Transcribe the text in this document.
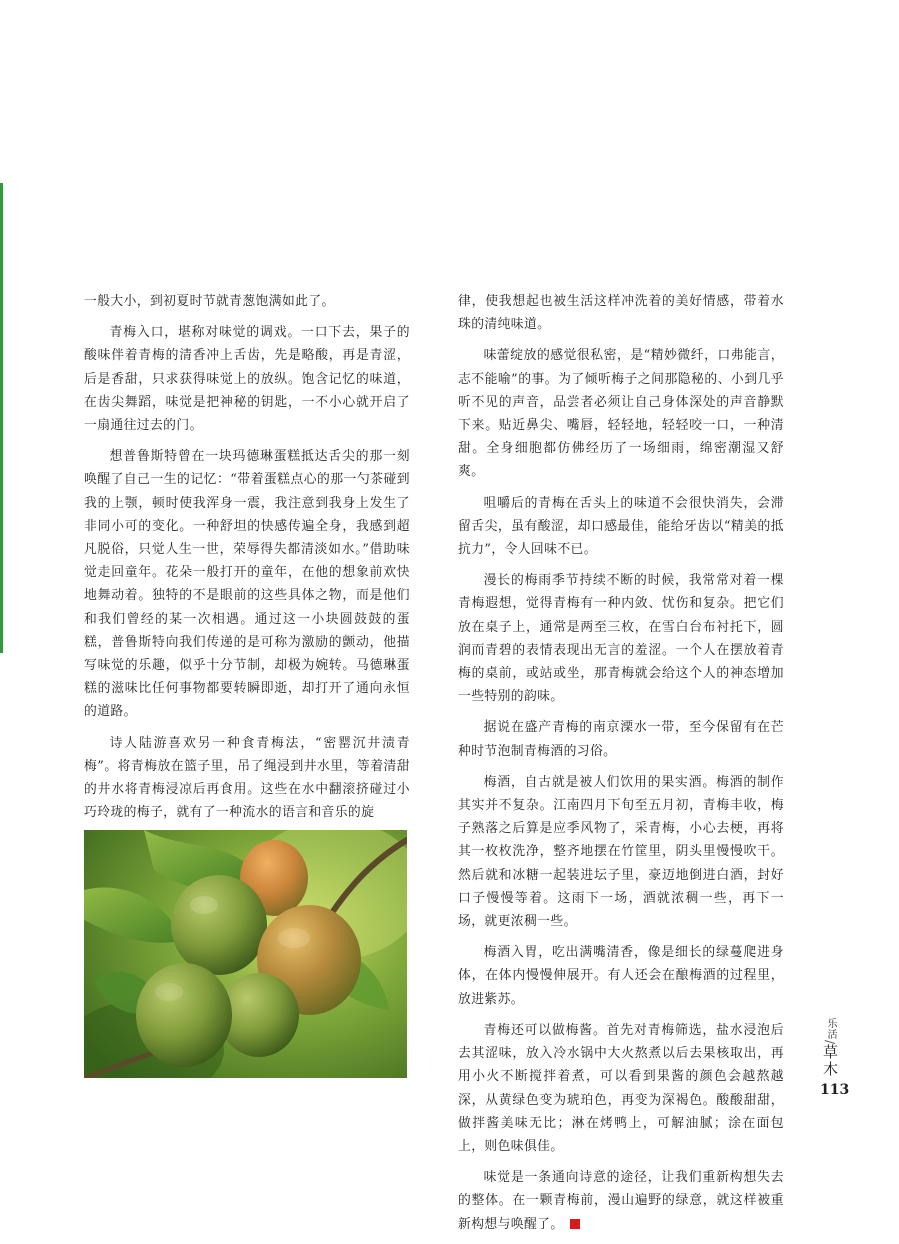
一般大小，到初夏时节就青葱饱满如此了。

青梅入口，堪称对味觉的调戏。一口下去，果子的酸味伴着青梅的清香冲上舌齿，先是略酸，再是青涩，后是香甜，只求获得味觉上的放纵。饱含记忆的味道，在齿尖舞蹈，味觉是把神秘的钥匙，一不小心就开启了一扇通往过去的门。

想普鲁斯特曾在一块玛德琳蛋糕抵达舌尖的那一刻唤醒了自己一生的记忆：“带着蛋糕点心的那一勺茶碰到我的上颚，顿时使我浑身一震，我注意到我身上发生了非同小可的变化。一种舒坦的快感传遍全身，我感到超凡脱俗，只觉人生一世，荣辱得失都清淡如水。”借助味觉走回童年。花朵一般打开的童年，在他的想象前欢快地舞动着。独特的不是眼前的这些具体之物，而是他们和我们曾经的某一次相遇。通过这一小块圆鼓鼓的蛋糕，普鲁斯特向我们传递的是可称为激励的颤动，他描写味觉的乐趣，似乎十分节制，却极为婉转。马德琳蛋糕的滋味比任何事物都要转瞬即逝，却打开了通向永恒的道路。

诗人陆游喜欢另一种食青梅法，“密罂沉井渍青梅”。将青梅放在篮子里，吊了绳浸到井水里，等着清甜的井水将青梅浸凉后再食用。这些在水中翻滚挤碰过小巧玲珑的梅子，就有了一种流水的语言和音乐的旋

律，使我想起也被生活这样冲洗着的美好情感，带着水珠的清纯味道。

味蕾绽放的感觉很私密，是“精妙微纤，口弗能言，志不能喻”的事。为了倾听梅子之间那隐秘的、小到几乎听不见的声音，品尝者必须让自己身体深处的声音静默下来。贴近鼻尖、嘴唇，轻轻地，轻轻咬一口，一种清甜。全身细胞都仿佛经历了一场细雨，绵密潮湿又舒爽。

咀嚼后的青梅在舌头上的味道不会很快消失，会滞留舌尖，虽有酸涩，却口感最佳，能给牙齿以“精美的抵抗力”，令人回味不已。

漫长的梅雨季节持续不断的时候，我常常对着一棵青梅遐想，觉得青梅有一种内敛、忧伤和复杂。把它们放在桌子上，通常是两至三枚，在雪白台布衬托下，圆润而青碧的表情表现出无言的羞涩。一个人在摆放着青梅的桌前，或站或坐，那青梅就会给这个人的神态增加一些特别的韵味。

据说在盛产青梅的南京溧水一带，至今保留有在芒种时节泡制青梅酒的习俗。

梅酒，自古就是被人们饮用的果实酒。梅酒的制作其实并不复杂。江南四月下旬至五月初，青梅丰收，梅子熟落之后算是应季风物了，采青梅，小心去梗，再将其一枚枚洗净，整齐地摆在竹筐里，阴头里慢慢吹干。然后就和冰糖一起装进坛子里，豪迈地倒进白酒，封好口子慢慢等着。这雨下一场，酒就浓稠一些，再下一场，就更浓稠一些。

梅酒入胃，吃出满嘴清香，像是细长的绿蔓爬进身体，在体内慢慢伸展开。有人还会在酿梅酒的过程里，放进紫苏。

青梅还可以做梅酱。首先对青梅筛选，盐水浸泡后去其涩味，放入冷水锅中大火熬煮以后去果核取出，再用小火不断搅拌着煮，可以看到果酱的颜色会越熬越深，从黄绿色变为琥珀色，再变为深褐色。酸酸甜甜，做拌酱美味无比；淋在烤鸭上，可解油腻；涂在面包上，则色味俱佳。

味觉是一条通向诗意的途径，让我们重新构想失去的整体。在一颗青梅前，漫山遍野的绿意，就这样被重新构想与唤醒了。

乐活/草木
113
